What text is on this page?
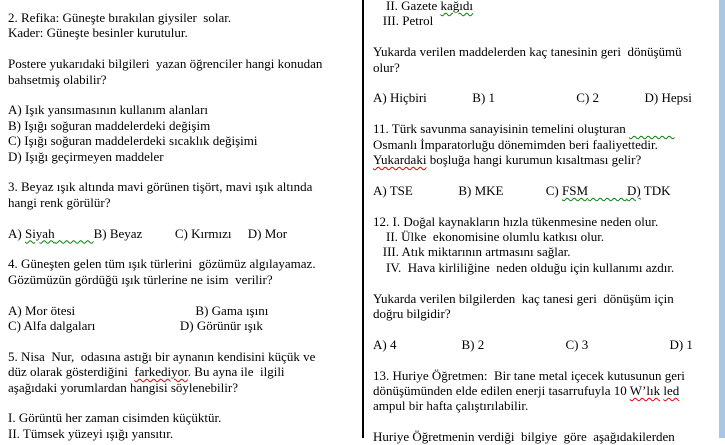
2. Refika: Güneşte bırakılan giysiler  solar.
Kader: Güneşte besinler kurutulur.
Postere yukarıdaki bilgileri  yazan öğrenciler hangi konudan
bahsetmiş olabilir?
A) Işık yansımasının kullanım alanları
B) Işığı soğuran maddelerdeki değişim
C) Işığı soğuran maddelerdeki sıcaklık değişimi
D) Işığı geçirmeyen maddeler
3. Beyaz ışık altında mavi görünen tişört, mavi ışık altında
hangi renk görülür?
A) Siyah	B) Beyaz          C) Kırmızı     D) Mor
4. Güneşten gelen tüm ışık türlerini  gözümüz algılayamaz.
Gözümüzün gördüğü ışık türlerine ne isim  verilir?
A) Mor ötesi                                     B) Gama ışını
C) Alfa dalgaları                          D) Görünür ışık
5. Nisa  Nur,  odasına astığı bir aynanın kendisini küçük ve
düz olarak gösterdiğini  farkediyor. Bu ayna ile  ilgili
aşağıdaki yorumlardan hangisi söylenebilir?
I. Görüntü her zaman cisimden küçüktür.
II. Tümsek yüzeyi ışığı yansıtır.
II. Gazete kağıdı
III. Petrol
Yukarda verilen maddelerden kaç tanesinin geri  dönüşümü
olur?
A) Hiçbiri              B) 1                         C) 2              D) Hepsi
11. Türk savunma sanayisinin temelini oluşturan
Osmanlı İmparatorluğu dönemimden beri faaliyettedir.
Yukardaki boşluğa hangi kurumun kısaltması gelir?
A) TSE              B) MKE             C) FSM	D) TDK
12. I. Doğal kaynakların hızla tükenmesine neden olur.
II. Ülke  ekonomisine olumlu katkısı olur.
III. Atık miktarının artmasını sağlar.
IV.  Hava kirliliğine  neden olduğu için kullanımı azdır.
Yukarda verilen bilgilerden  kaç tanesi geri  dönüşüm için
doğru bilgidir?
A) 4                    B) 2                         C) 3                         D) 1
13. Huriye Öğretmen:  Bir tane metal içecek kutusunun geri
dönüşümünden elde edilen enerji tasarrufuyla 10 W’lık led
ampul bir hafta çalıştırılabilir.
Huriye Öğretmenin verdiği  bilgiye  göre  aşağıdakilerden
